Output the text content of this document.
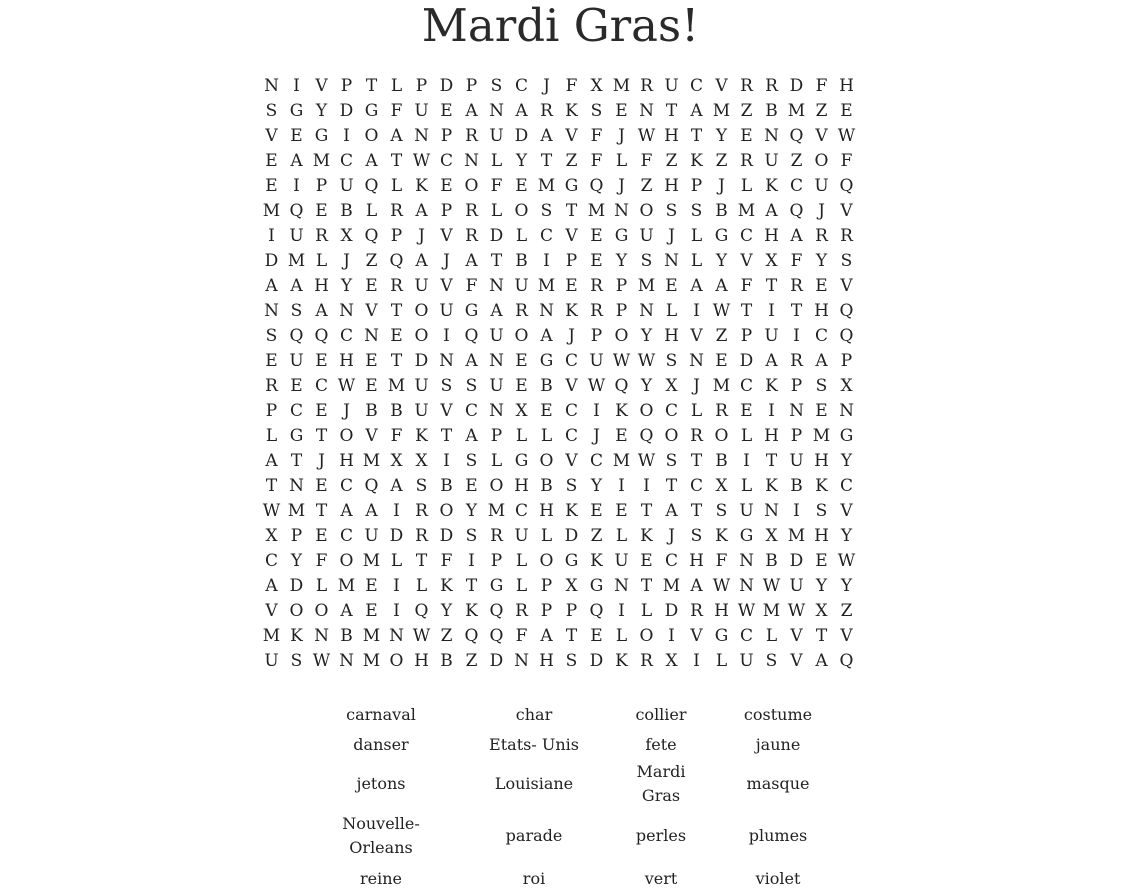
Mardi Gras!
N I V P T L P D P S C J F X M R U C V R R D F H
S G Y D G F U E A N A R K S E N T A M Z B M Z E
V E G I O A N P R U D A V F J W H T Y E N Q V W
E A M C A T W C N L Y T Z F L F Z K Z R U Z O F
E I P U Q L K E O F E M G Q J Z H P J L K C U Q
M Q E B L R A P R L O S T M N O S S B M A Q J V
I U R X Q P J V R D L C V E G U J L G C H A R R
D M L J Z Q A J A T B I P E Y S N L Y V X F Y S
A A H Y E R U V F N U M E R P M E A A F T R E V
N S A N V T O U G A R N K R P N L I W T I T H Q
S Q Q C N E O I Q U O A J P O Y H V Z P U I C Q
E U E H E T D N A N E G C U W W S N E D A R A P
R E C W E M U S S U E B V W Q Y X J M C K P S X
P C E J B B U V C N X E C I K O C L R E I N E N
L G T O V F K T A P L L C J E Q O R O L H P M G
A T J H M X X I S L G O V C M W S T B I T U H Y
T N E C Q A S B E O H B S Y I	I T C X L K B K C
W M T A A I R O Y M C H K E E T A T S U N I S V
X P E C U D R D S R U L D Z L K J S K G X M H Y
C Y F O M L T F I P L O G K U E C H F N B D E W
A D L M E I L K T G L P X G N T M A W N W U Y Y
V O O A E I Q Y K Q R P P Q I L D R H W M W X Z
M K N B M N W Z Q Q F A T E L O I V G C L V T V
U S W N M O H B Z D N H S D K R X I L U S V A Q
carnaval	char	collier	costume
danser	Etats- Unis	fete	jaune
jetons	Louisiane	Mardi Gras	masque
Nouvelle-
Orleans	parade	perles	plumes
reine	roi	vert	violet
